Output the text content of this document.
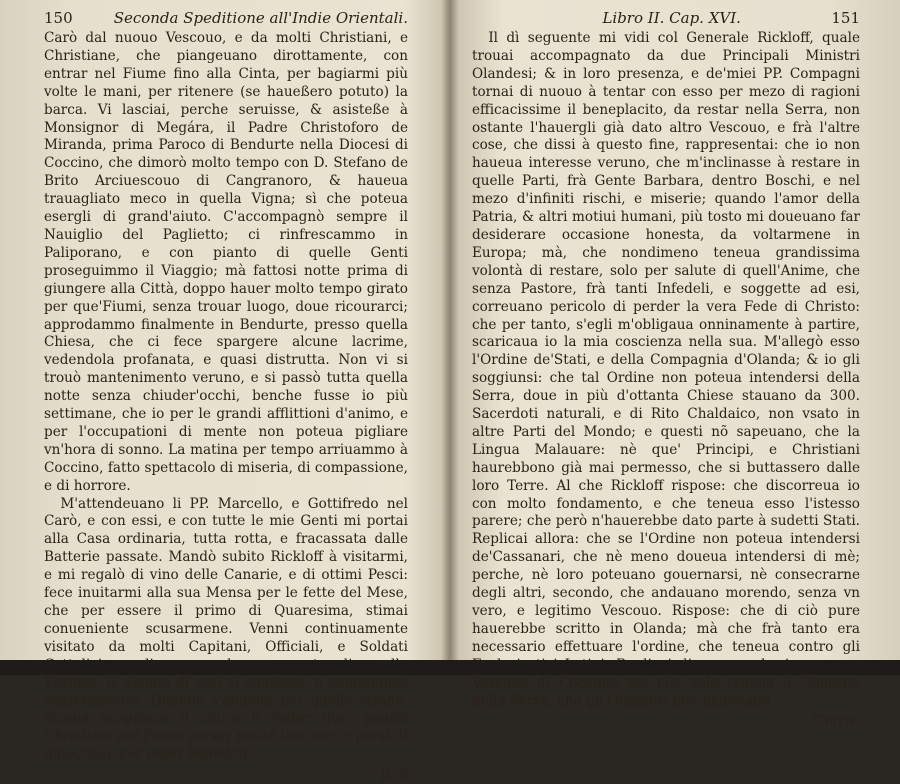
150	Seconda Speditione all'Indie Orientali.

Carò dal nuouo Vescouo, e da molti Christiani, e Christiane, che piangeuano dirottamente, con entrar nel Fiume fino alla Cinta, per bagiarmi più volte le mani, per ritenere (se haueßero potuto) la barca. Vi lasciai, perche seruisse, & asisteße à Monsignor di Megára, il Padre Christoforo de Miranda, prima Paroco di Bendurte nella Diocesi di Coccino, che dimorò molto tempo con D. Stefano de Brito Arciuescouo di Cangranoro, & haueua trauagliato meco in quella Vigna; sì che poteua esergli di grand'aiuto. C'accompagnò sempre il Nauiglio del Paglietto; ci rinfrescammo in Paliporano, e con pianto di quelle Genti proseguimmo il Viaggio; mà fattosi notte prima di giungere alla Città, doppo hauer molto tempo girato per que'Fiumi, senza trouar luogo, doue ricourarci; approdammo finalmente in Bendurte, presso quella Chiesa, che ci fece spargere alcune lacrime, vedendola profanata, e quasi distrutta. Non vi si trouò mantenimento veruno, e si passò tutta quella notte senza chiuder'occhi, benche fusse io più settimane, che io per le grandi afflittioni d'animo, e per l'occupationi di mente non poteua pigliare vn'hora di sonno. La matina per tempo arriuammo à Coccino, fatto spettacolo di miseria, di compassione, e di horrore.

M'attendeuano li PP. Marcello, e Gottifredo nel Carò, e con essi, e con tutte le mie Genti mi portai alla Casa ordinaria, tutta rotta, e fracassata dalle Batterie passate. Mandò subito Rickloff à visitarmi, e mi regalò di vino delle Canarie, e di ottimi Pesci: fece inuitarmi alla sua Mensa per le fette del Mese, che per essere il primo di Quaresima, stimai conueniente scusarmene. Venni continuamente visitato da molti Capitani, Officiali, e Soldati Vittoria, & alcuno di essi si confessò, e communicò segretamente. Quando s'andaua per quelle strade, faceua scoppiare il cuore il veder que' poueri Christiani del Paese versar molte lacrime, e porsi di ginocchio, per esser benedetti.

Il dì
Libro II. Cap. XVI.	151

Il dì seguente mi vidi col Generale Rickloff, quale trouai accompagnato da due Principali Ministri Olandesi; & in loro presenza, e de'miei PP. Compagni tornai di nuouo à tentar con esso per mezo di ragioni efficacissime il beneplacito, da restar nella Serra, non ostante l'hauergli già dato altro Vescouo, e frà l'altre cose, che dissi à questo fine, rappresentai: che io non haueua interesse veruno, che m'inclinasse à restare in quelle Parti, frà Gente Barbara, dentro Boschi, e nel mezo d'infiniti rischi, e miserie; quando l'amor della Patria, & altri motiui humani, più tosto mi doueuano far desiderare occasione honesta, da voltarmene in Europa; mà, che nondimeno teneua grandissima volontà di restare, solo per salute di quell'Anime, che senza Pastore, frà tanti Infedeli, e soggette ad esi, correuano pericolo di perder la vera Fede di Christo: che per tanto, s'egli m'obligaua onninamente à partire, scaricaua io la mia coscienza nella sua. M'allegò esso l'Ordine de'Stati, e della Compagnia d'Olanda; & io gli soggiunsi: che tal Ordine non poteua intendersi della Serra, doue in più d'ottanta Chiese stauano da 300. Sacerdoti naturali, e di Rito Chaldaico, non vsato in altre Parti del Mondo; e questi nõ sapeuano, che la Lingua Malauare: nè que' Principi, e Christiani haurebbono già mai permesso, che si buttassero dalle loro Terre. Al che Rickloff rispose: che discorreua io con molto fondamento, e che teneua esso l'istesso parere; che però n'hauerebbe dato parte à sudetti Stati. Replicai allora: che se l'Ordine non poteua intendersi de'Cassanari, che nè meno doueua intendersi di mè; perche, nè loro poteuano gouernarsi, nè consecrarne degli altri, secondo, che andauano morendo, senza vn vero, e legitimo Vescouo. Rispose: che di ciò pure hauerebbe scritto in Olanda; mà che frà tanto era necessario effettuare l'ordine, che teneua contro gli Vescouo di Coccino; mà che solo teneua il Gouerno della Serra; che gli Olandesi non haueuano

Giuris-
